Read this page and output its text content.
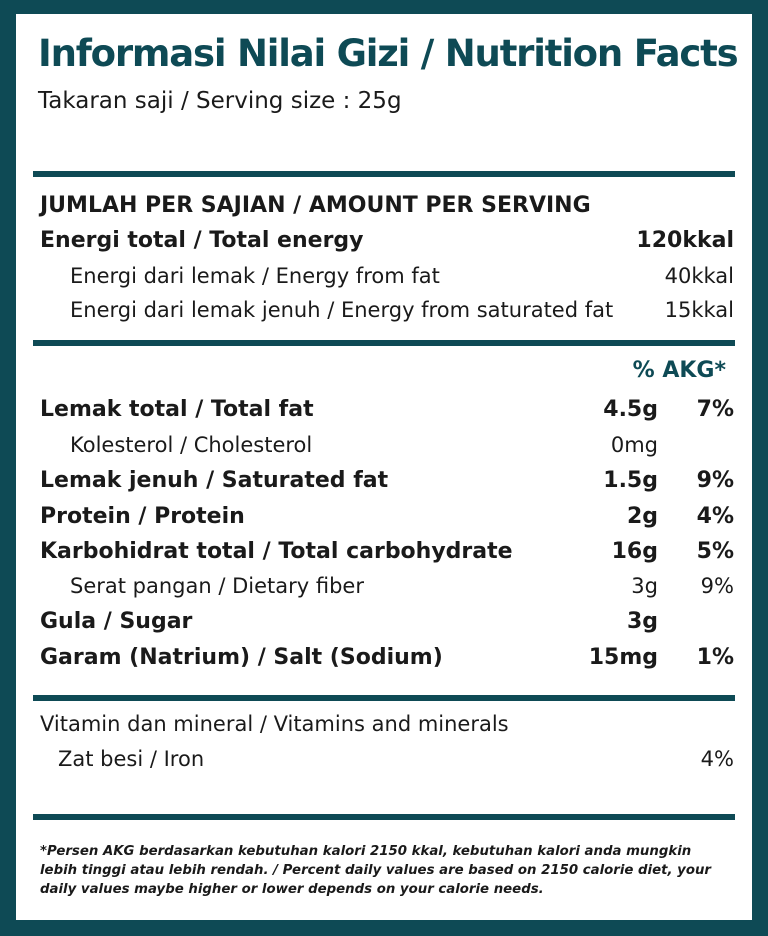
Informasi Nilai Gizi / Nutrition Facts
Takaran saji / Serving size : 25g
JUMLAH PER SAJIAN / AMOUNT PER SERVING
Energi total / Total energy	120kkal
Energi dari lemak / Energy from fat	40kkal
Energi dari lemak jenuh / Energy from saturated fat	15kkal
% AKG*
Lemak total / Total fat	4.5g 7%
Kolesterol / Cholesterol	0mg
Lemak jenuh / Saturated fat	1.5g 9%
Protein / Protein	2g 4%
Karbohidrat total / Total carbohydrate	16g 5%
Serat pangan / Dietary fiber	3g 9%
Gula / Sugar	3g
Garam (Natrium) / Salt (Sodium)	15mg 1%
Vitamin dan mineral / Vitamins and minerals
Zat besi / Iron	4%
*Persen AKG berdasarkan kebutuhan kalori 2150 kkal, kebutuhan kalori anda mungkin lebih tinggi atau lebih rendah. / Percent daily values are based on 2150 calorie diet, your daily values maybe higher or lower depends on your calorie needs.
